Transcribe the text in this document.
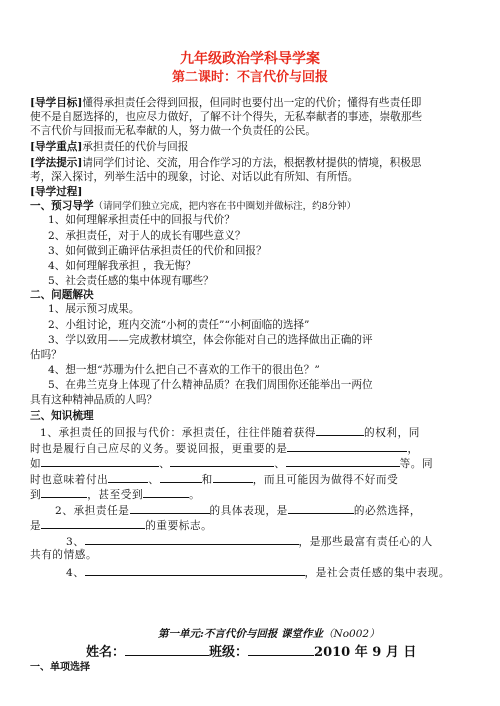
九年级政治学科导学案
第二课时：不言代价与回报
[导学目标]懂得承担责任会得到回报，但同时也要付出一定的代价；懂得有些责任即
使不是自愿选择的，也应尽力做好，了解不计个得失，无私奉献者的事迹，崇敬那些
不言代价与回报而无私奉献的人，努力做一个负责任的公民。
[导学重点]承担责任的代价与回报
[学法提示]请同学们讨论、交流，用合作学习的方法，根据教材提供的情境，积极思
考，深入探讨，列举生活中的现象，讨论、对话以此有所知、有所悟。
[导学过程]
一、预习导学（请同学们独立完成，把内容在书中圈划并做标注，约8分钟）
1、如何理解承担责任中的回报与代价？
2、承担责任，对于人的成长有哪些意义？
3、如何做到正确评估承担责任的代价和回报？
4、如何理解我承担 ，我无悔？
5、社会责任感的集中体现有哪些？
二、问题解决
1、展示预习成果。
2、小组讨论，班内交流“小柯的责任”“小柯面临的选择”
3、学以致用——完成教材填空，体会你能对自己的选择做出正确的评
估吗？
4、想一想“苏珊为什么把自己不喜欢的工作干的很出色？”
5、在弗兰克身上体现了什么精神品质？在我们周围你还能举出一两位
具有这种精神品质的人吗？
三、知识梳理
1、承担责任的回报与代价：承担责任，往往伴随着获得	的权利，同
时也是履行自己应尽的义务。要说回报，更重要的是	，
如	、	、	等。同
时也意味着付出	、	和	，而且可能因为做得不好而受
到	，甚至受到	。
2、承担责任是	的具体表现，是	的必然选择，
是	的重要标志。
3、	，是那些最富有责任心的人
共有的情感。
4、	，是社会责任感的集中表现。
第一单元:不言代价与回报 课堂作业（No002）
姓名：	班级：	2010 年 9 月 日
一、单项选择
